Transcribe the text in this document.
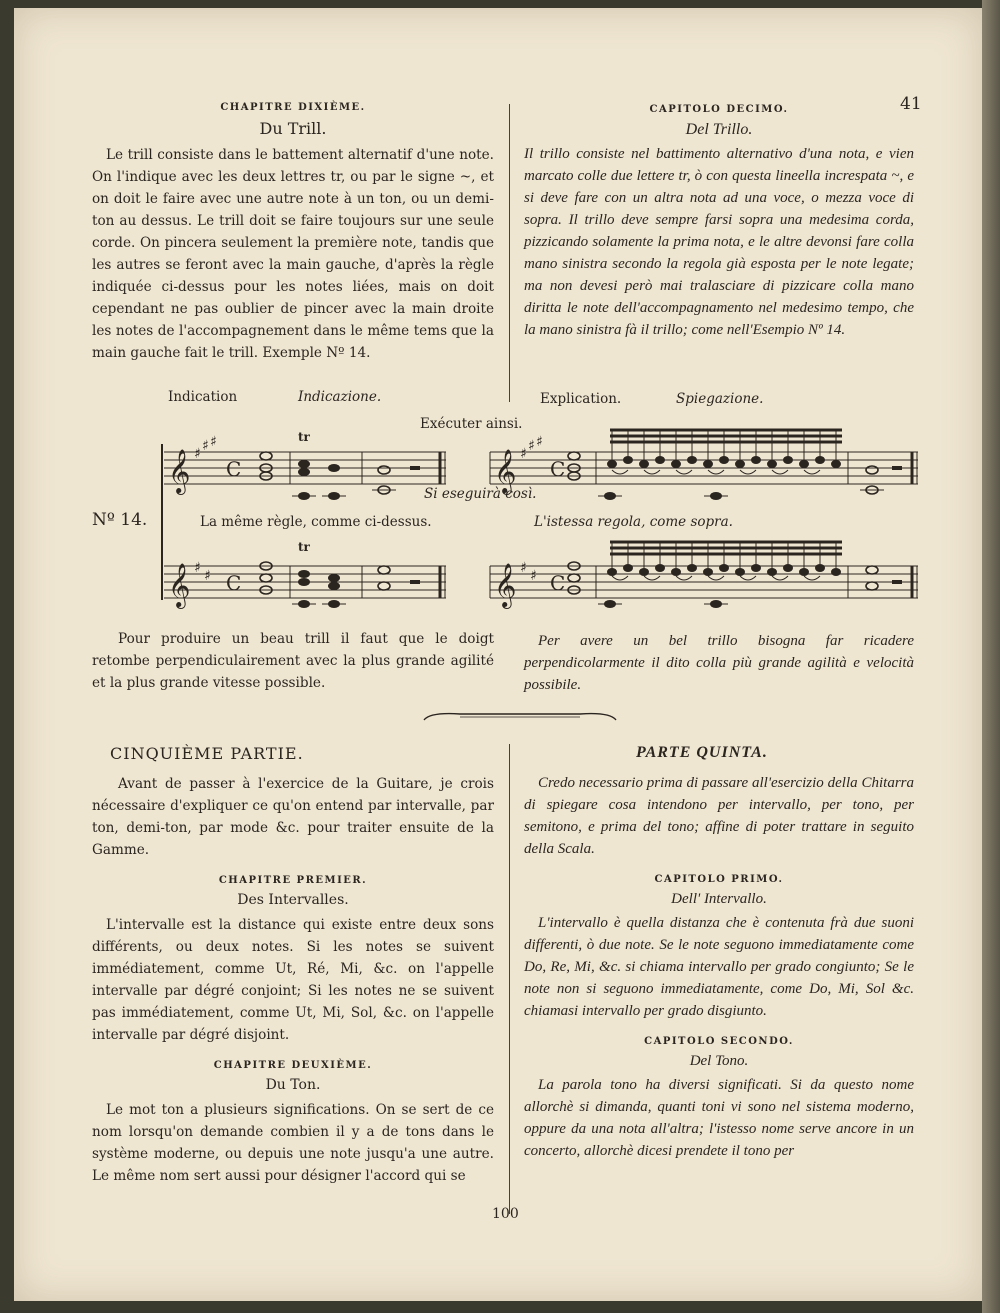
41
CHAPITRE DIXIÈME.
Du Trill.
Le trill consiste dans le battement alternatif d'une note. On l'indique avec les deux lettres tr, ou par le signe ~, et on doit le faire avec une autre note à un ton, ou un demi-ton au dessus. Le trill doit se faire toujours sur une seule corde. On pincera seulement la première note, tandis que les autres se feront avec la main gauche, d'après la règle indiquée ci-dessus pour les notes liées, mais on doit cependant ne pas oublier de pincer avec la main droite les notes de l'accompagnement dans le même tems que la main gauche fait le trill. Exemple Nº 14.
CAPITOLO DECIMO.
Del Trillo.
Il trillo consiste nel battimento alternativo d'una nota, e vien marcato colle due lettere tr, ò con questa lineella increspata ~, e si deve fare con un altra nota ad una voce, o mezza voce di sopra. Il trillo deve sempre farsi sopra una medesima corda, pizzicando solamente la prima nota, e le altre devonsi fare colla mano sinistra secondo la regola già esposta per le note legate; ma non devesi però mai tralasciare di pizzicare colla mano diritta le note dell'accompagnamento nel medesimo tempo, che la mano sinistra fà il trillo; come nell'Esempio Nº 14.
Indication	Indicazione.	Explication.	Spiegazione.
Exécuter ainsi.
Si eseguirà così.
La même règle, comme ci-dessus.	L'istessa regola, come sopra.
Nº 14.
𝄞	𝄞
𝄞	𝄞
♯ ♯ ♯
♯ ♯ ♯
♯ ♯	♯ ♯
C	C
C	C
tr
tr
Pour produire un beau trill il faut que le doigt retombe perpendiculairement avec la plus grande agilité et la plus grande vitesse possible.
Per avere un bel trillo bisogna far ricadere perpendicolarmente il dito colla più grande agilità e velocità possibile.
CINQUIÈME PARTIE.
Avant de passer à l'exercice de la Guitare, je crois nécessaire d'expliquer ce qu'on entend par intervalle, par ton, demi-ton, par mode &c. pour traiter ensuite de la Gamme.
CHAPITRE PREMIER.
Des Intervalles.
L'intervalle est la distance qui existe entre deux sons différents, ou deux notes. Si les notes se suivent immédiatement, comme Ut, Ré, Mi, &c. on l'appelle intervalle par dégré conjoint; Si les notes ne se suivent pas immédiatement, comme Ut, Mi, Sol, &c. on l'appelle intervalle par dégré disjoint.
CHAPITRE DEUXIÈME.
Du Ton.
Le mot ton a plusieurs significations. On se sert de ce nom lorsqu'on demande combien il y a de tons dans le système moderne, ou depuis une note jusqu'a une autre. Le même nom sert aussi pour désigner l'accord qui se
PARTE QUINTA.
Credo necessario prima di passare all'esercizio della Chitarra di spiegare cosa intendono per intervallo, per tono, per semitono, e prima del tono; affine di poter trattare in seguito della Scala.
CAPITOLO PRIMO.
Dell' Intervallo.
L'intervallo è quella distanza che è contenuta frà due suoni differenti, ò due note. Se le note seguono immediatamente come Do, Re, Mi, &c. si chiama intervallo per grado congiunto; Se le note non si seguono immediatamente, come Do, Mi, Sol &c. chiamasi intervallo per grado disgiunto.
CAPITOLO SECONDO.
Del Tono.
La parola tono ha diversi significati. Si da questo nome allorchè si dimanda, quanti toni vi sono nel sistema moderno, oppure da una nota all'altra; l'istesso nome serve ancore in un concerto, allorchè dicesi prendete il tono per
100
